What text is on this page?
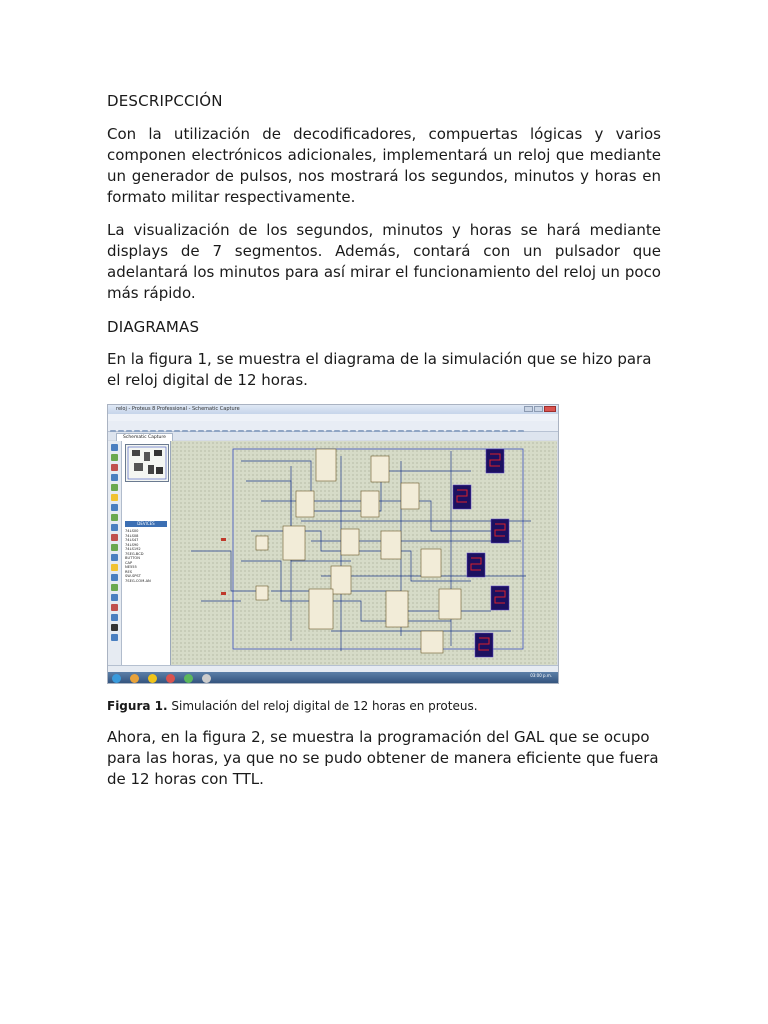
DESCRIPCCIÓN

Con la utilización de decodificadores, compuertas lógicas y varios componen electrónicos adicionales, implementará un reloj que mediante un generador de pulsos, nos mostrará los segundos, minutos y horas en formato militar respectivamente.

La visualización de los segundos, minutos y horas se hará mediante displays de 7 segmentos. Además, contará con un pulsador que adelantará los minutos para así mirar el funcionamiento del reloj un poco más rápido.

DIAGRAMAS

En la figura 1, se muestra el diagrama de la simulación que se hizo para el reloj digital de 12 horas.

reloj - Proteus 8 Professional - Schematic Capture
Schematic Capture
DEVICES
74LS00
74LS08
74LS47
74LS90
74LS192
7SEG-BCD
BUTTON
CAP
NE555
RES
SW-SPST
7SEG-COM-AN
03:00 p.m.
Figura 1. Simulación del reloj digital de 12 horas en proteus.

Ahora, en la figura 2, se muestra la programación del GAL que se ocupo para las horas, ya que no se pudo obtener de manera eficiente que fuera de 12 horas con TTL.
